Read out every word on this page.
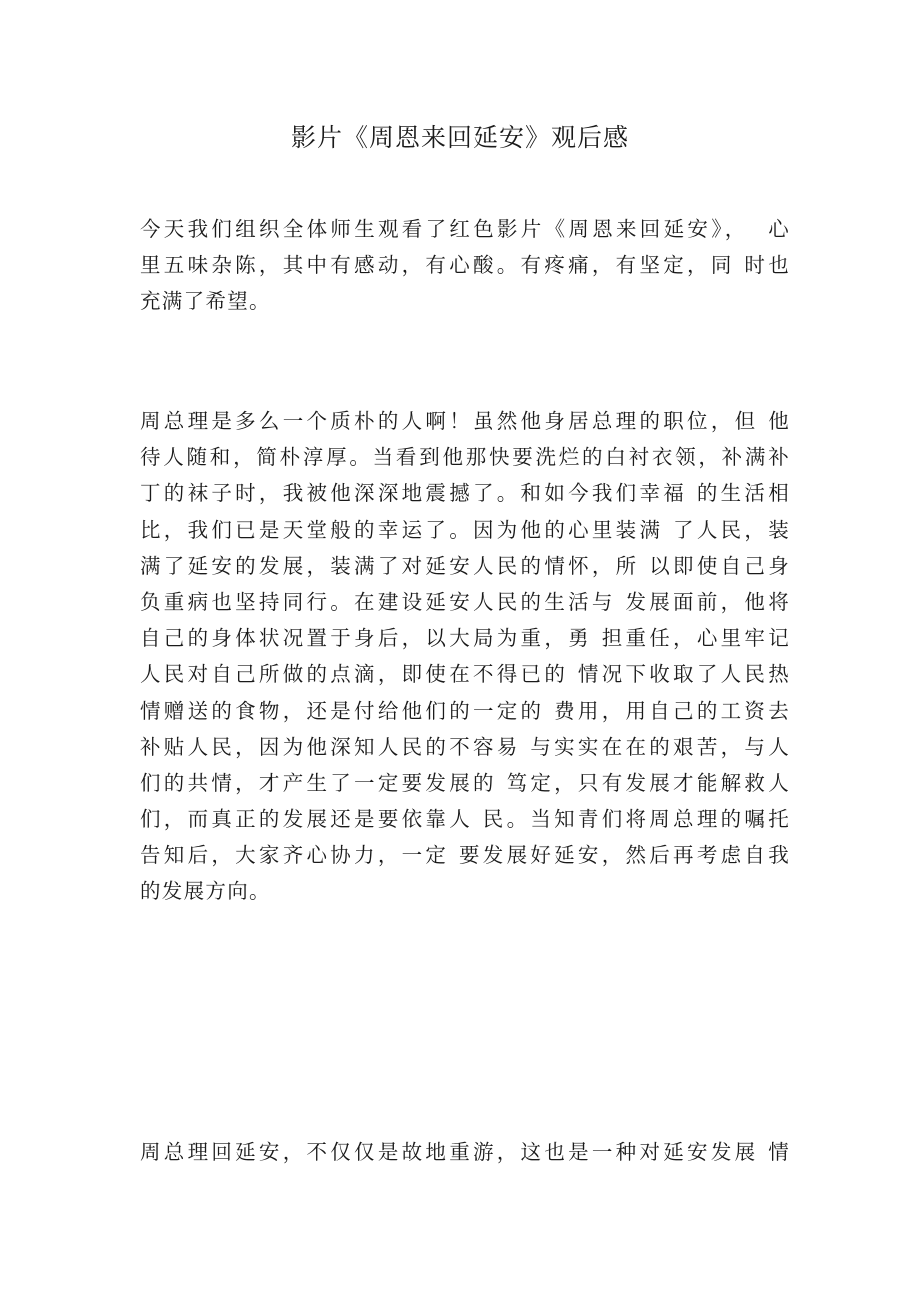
影片《周恩来回延安》观后感
今天我们组织全体师生观看了红色影片《周恩来回延安》，  心
里五味杂陈，其中有感动，有心酸。有疼痛，有坚定，同 时也
充满了希望。
周总理是多么一个质朴的人啊！虽然他身居总理的职位，但 他
待人随和，简朴淳厚。当看到他那快要洗烂的白衬衣领，补满补
丁的袜子时，我被他深深地震撼了。和如今我们幸福 的生活相
比，我们已是天堂般的幸运了。因为他的心里装满 了人民，装
满了延安的发展，装满了对延安人民的情怀，所 以即使自己身
负重病也坚持同行。在建设延安人民的生活与 发展面前，他将
自己的身体状况置于身后，以大局为重，勇 担重任，心里牢记
人民对自己所做的点滴，即使在不得已的 情况下收取了人民热
情赠送的食物，还是付给他们的一定的 费用，用自己的工资去
补贴人民，因为他深知人民的不容易 与实实在在的艰苦，与人
们的共情，才产生了一定要发展的 笃定，只有发展才能解救人
们，而真正的发展还是要依靠人 民。当知青们将周总理的嘱托
告知后，大家齐心协力，一定 要发展好延安，然后再考虑自我
的发展方向。
周总理回延安，不仅仅是故地重游，这也是一种对延安发展 情
